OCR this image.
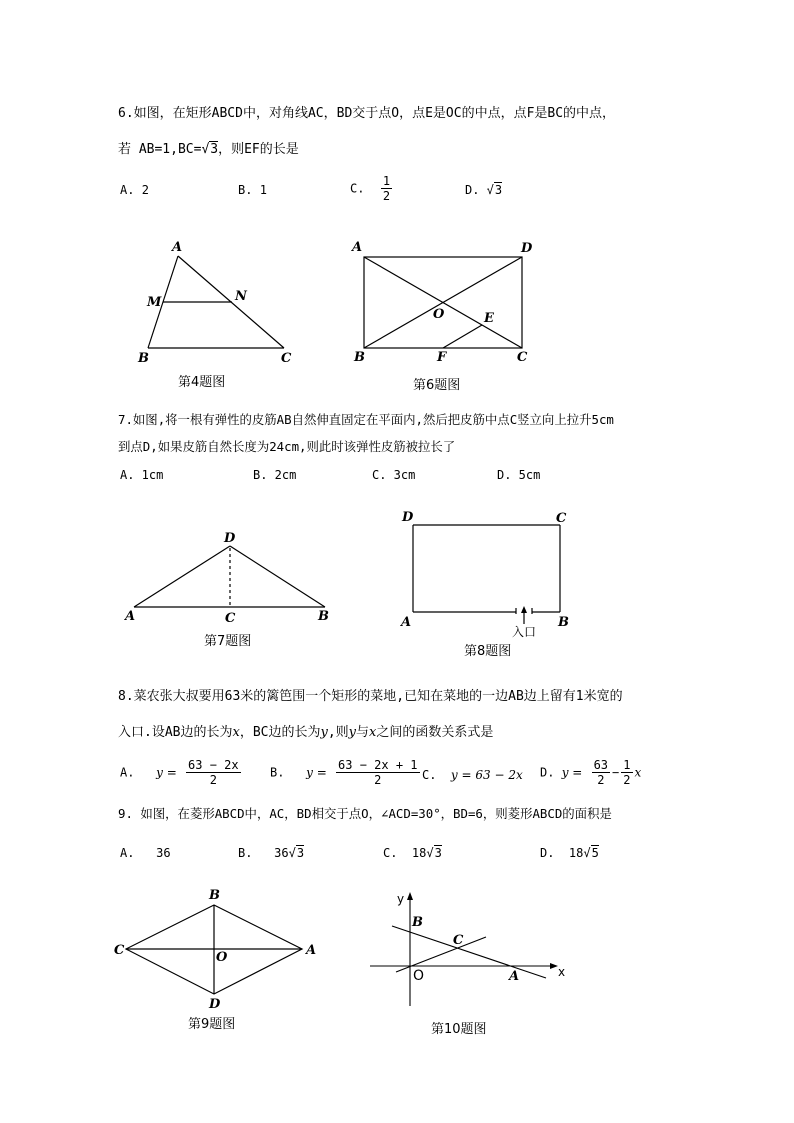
6.如图，在矩形ABCD中，对角线AC，BD交于点O，点E是OC的中点，点F是BC的中点，
若 AB=1,BC=√3，则EF的长是
A. 2	B. 1	C. $\frac{1}{2}$	D. √3
A
M	N
B	C
第4题图
A	D
O	E
B	F	C
第6题图
D
A	C	B
第7题图
D	C
A	B
入口
第8题图
B
C	O	A
D
第9题图
y
B
C
O	A	x
第10题图
7.如图,将一根有弹性的皮筋AB自然伸直固定在平面内,然后把皮筋中点C竖立向上拉升5cm
到点D,如果皮筋自然长度为24cm,则此时该弹性皮筋被拉长了
A. 1cm	B. 2cm	C. 3cm	D. 5cm
8.菜农张大叔要用63米的篱笆围一个矩形的菜地,已知在菜地的一边AB边上留有1米宽的
入口.设AB边的长为x，BC边的长为y,则y与x之间的函数关系式是
A. $y = \frac{63 - 2x}{2} B$. $y = \frac{63 - 2x + 1}{2} C$. y = 63 − 2x D. $y = \frac{63}{2} - \frac{1}{2}$ x
9. 如图，在菱形ABCD中，AC，BD相交于点O，∠ACD=30°，BD=6，则菱形ABCD的面积是
A. 36	B. 36√3	C. 18√3	D. 18√5
